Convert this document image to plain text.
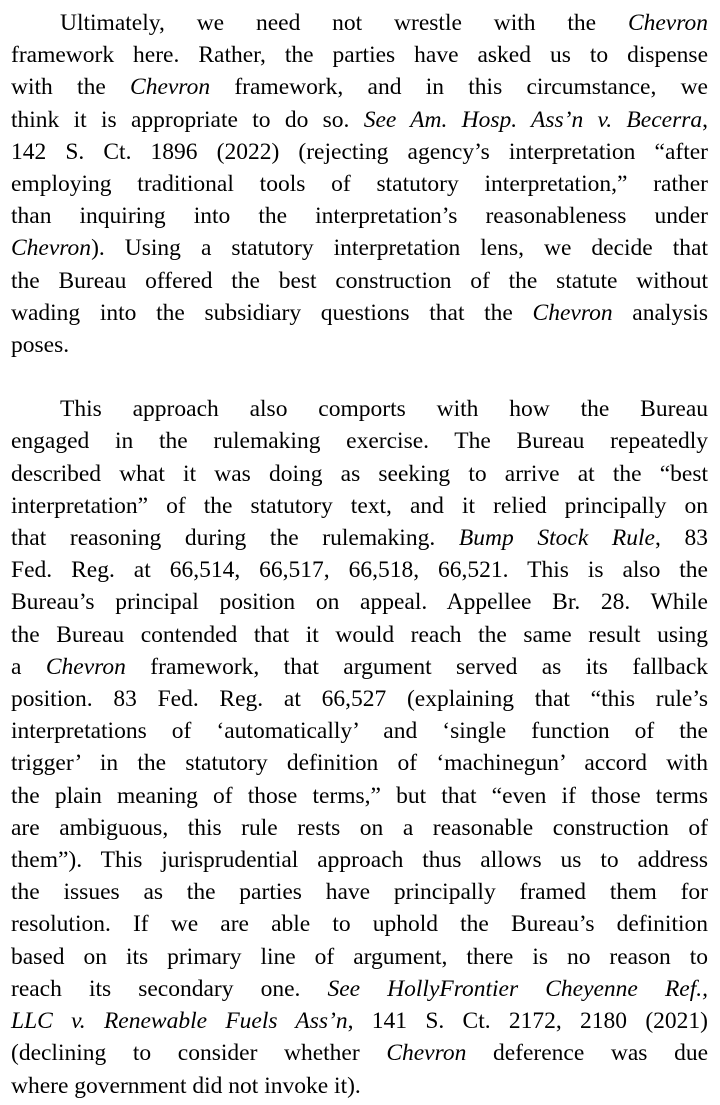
Ultimately, we need not wrestle with the Chevron
framework here. Rather, the parties have asked us to dispense
with the Chevron framework, and in this circumstance, we
think it is appropriate to do so. See Am. Hosp. Ass’n v. Becerra,
142 S. Ct. 1896 (2022) (rejecting agency’s interpretation “after
employing traditional tools of statutory interpretation,” rather
than inquiring into the interpretation’s reasonableness under
Chevron). Using a statutory interpretation lens, we decide that
the Bureau offered the best construction of the statute without
wading into the subsidiary questions that the Chevron analysis
poses.
This approach also comports with how the Bureau
engaged in the rulemaking exercise. The Bureau repeatedly
described what it was doing as seeking to arrive at the “best
interpretation” of the statutory text, and it relied principally on
that reasoning during the rulemaking. Bump Stock Rule, 83
Fed. Reg. at 66,514, 66,517, 66,518, 66,521. This is also the
Bureau’s principal position on appeal. Appellee Br. 28. While
the Bureau contended that it would reach the same result using
a Chevron framework, that argument served as its fallback
position. 83 Fed. Reg. at 66,527 (explaining that “this rule’s
interpretations of ‘automatically’ and ‘single function of the
trigger’ in the statutory definition of ‘machinegun’ accord with
the plain meaning of those terms,” but that “even if those terms
are ambiguous, this rule rests on a reasonable construction of
them”). This jurisprudential approach thus allows us to address
the issues as the parties have principally framed them for
resolution. If we are able to uphold the Bureau’s definition
based on its primary line of argument, there is no reason to
reach its secondary one. See HollyFrontier Cheyenne Ref.,
LLC v. Renewable Fuels Ass’n, 141 S. Ct. 2172, 2180 (2021)
(declining to consider whether Chevron deference was due
where government did not invoke it).
